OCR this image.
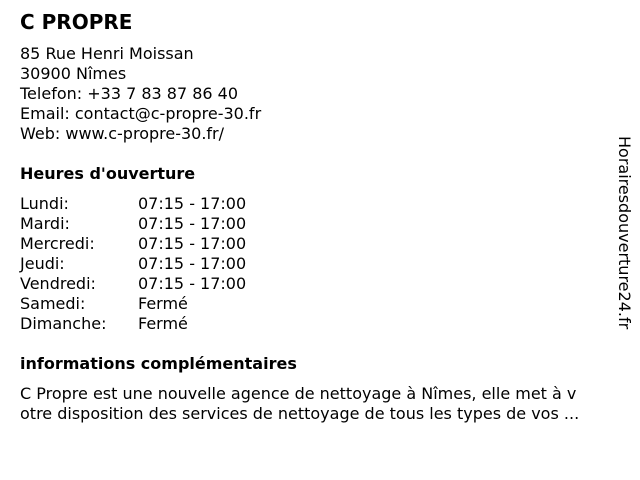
C PROPRE
85 Rue Henri Moissan
30900 Nîmes
Telefon: +33 7 83 87 86 40
Email: contact@c-propre-30.fr
Web: www.c-propre-30.fr/
Heures d'ouverture
Lundi:	07:15 - 17:00
Mardi:	07:15 - 17:00
Mercredi:	07:15 - 17:00
Jeudi:	07:15 - 17:00
Vendredi:	07:15 - 17:00
Samedi:	Fermé
Dimanche:	Fermé
informations complémentaires
C Propre est une nouvelle agence de nettoyage à Nîmes, elle met à v
otre disposition des services de nettoyage de tous les types de vos ...
Horairesdouverture24.fr
